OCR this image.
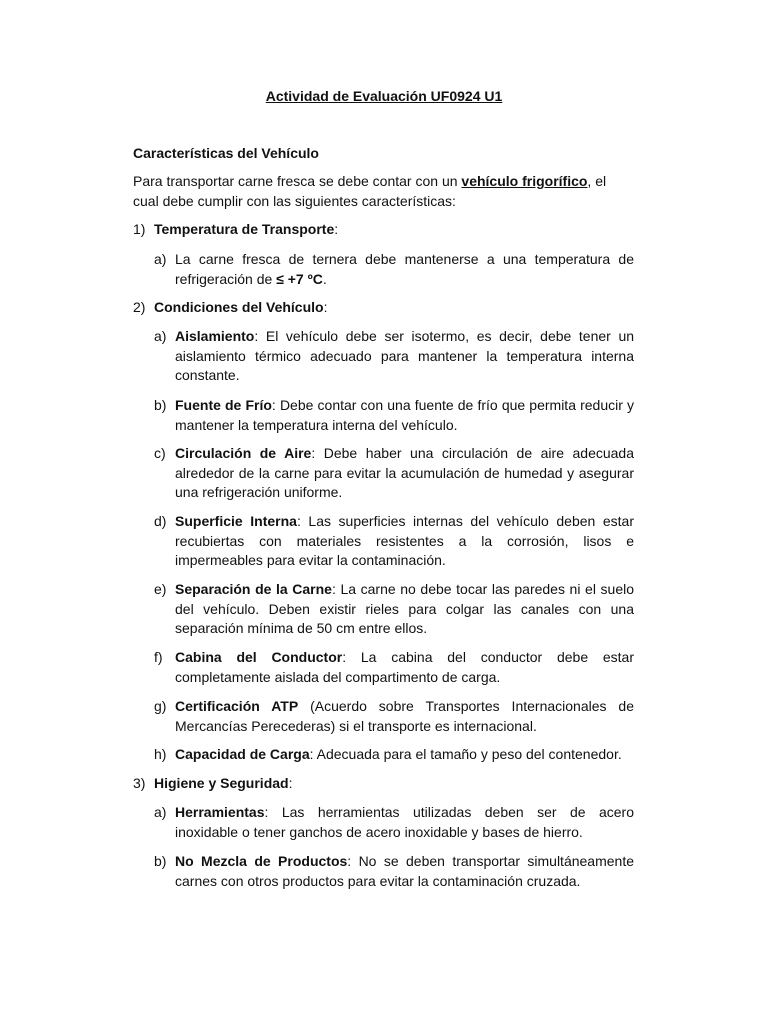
Actividad de Evaluación UF0924 U1
Características del Vehículo
Para transportar carne fresca se debe contar con un vehículo frigorífico, el cual debe cumplir con las siguientes características:
1) Temperatura de Transporte:
a) La carne fresca de ternera debe mantenerse a una temperatura de refrigeración de ≤ +7 ºC.
2) Condiciones del Vehículo:
a) Aislamiento: El vehículo debe ser isotermo, es decir, debe tener un aislamiento térmico adecuado para mantener la temperatura interna constante.
b) Fuente de Frío: Debe contar con una fuente de frío que permita reducir y mantener la temperatura interna del vehículo.
c) Circulación de Aire: Debe haber una circulación de aire adecuada alrededor de la carne para evitar la acumulación de humedad y asegurar una refrigeración uniforme.
d) Superficie Interna: Las superficies internas del vehículo deben estar recubiertas con materiales resistentes a la corrosión, lisos e impermeables para evitar la contaminación.
e) Separación de la Carne: La carne no debe tocar las paredes ni el suelo del vehículo. Deben existir rieles para colgar las canales con una separación mínima de 50 cm entre ellos.
f) Cabina del Conductor: La cabina del conductor debe estar completamente aislada del compartimento de carga.
g) Certificación ATP (Acuerdo sobre Transportes Internacionales de Mercancías Perecederas) si el transporte es internacional.
h) Capacidad de Carga: Adecuada para el tamaño y peso del contenedor.
3) Higiene y Seguridad:
a) Herramientas: Las herramientas utilizadas deben ser de acero inoxidable o tener ganchos de acero inoxidable y bases de hierro.
b) No Mezcla de Productos: No se deben transportar simultáneamente carnes con otros productos para evitar la contaminación cruzada.
